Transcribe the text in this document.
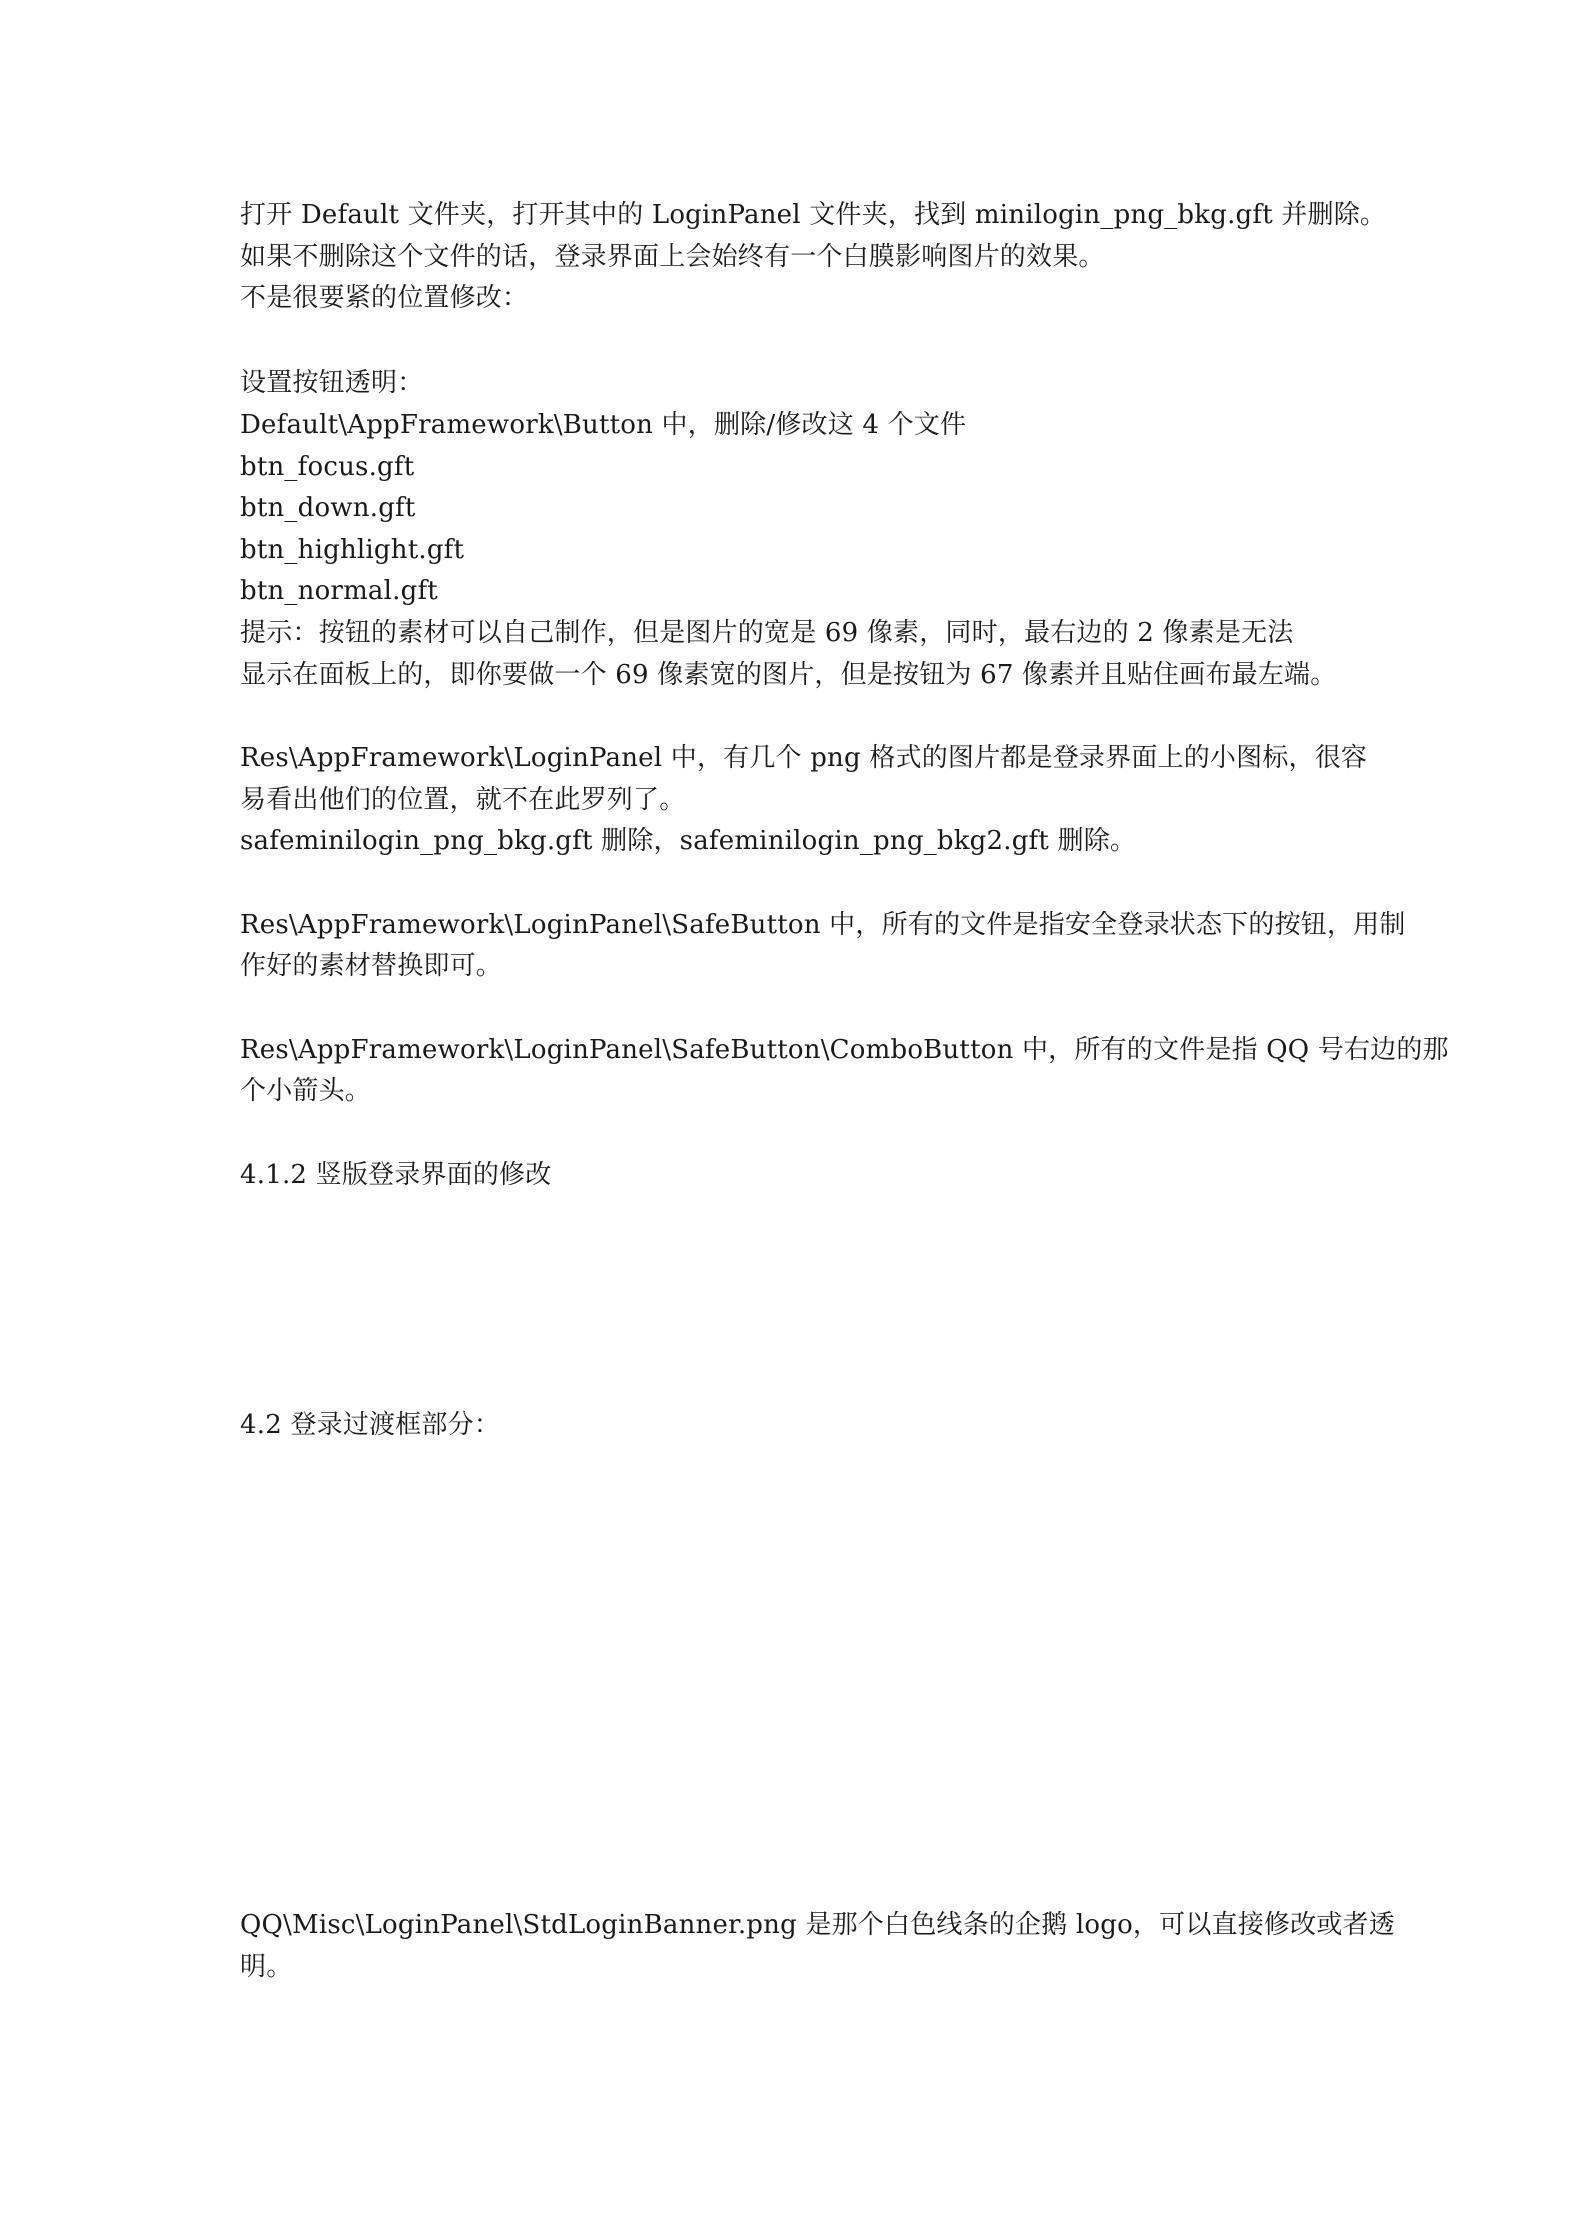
打开 Default 文件夹，打开其中的 LoginPanel 文件夹，找到 minilogin_png_bkg.gft 并删除。
如果不删除这个文件的话，登录界面上会始终有一个白膜影响图片的效果。
不是很要紧的位置修改：
设置按钮透明：
Default\AppFramework\Button 中，删除/修改这 4 个文件
btn_focus.gft
btn_down.gft
btn_highlight.gft
btn_normal.gft
提示：按钮的素材可以自己制作，但是图片的宽是 69 像素，同时，最右边的 2 像素是无法
显示在面板上的，即你要做一个 69 像素宽的图片，但是按钮为 67 像素并且贴住画布最左端。
Res\AppFramework\LoginPanel 中，有几个 png 格式的图片都是登录界面上的小图标，很容
易看出他们的位置，就不在此罗列了。
safeminilogin_png_bkg.gft 删除，safeminilogin_png_bkg2.gft 删除。
Res\AppFramework\LoginPanel\SafeButton 中，所有的文件是指安全登录状态下的按钮，用制
作好的素材替换即可。
Res\AppFramework\LoginPanel\SafeButton\ComboButton 中，所有的文件是指 QQ 号右边的那
个小箭头。
4.1.2 竖版登录界面的修改
4.2 登录过渡框部分：
QQ\Misc\LoginPanel\StdLoginBanner.png 是那个白色线条的企鹅 logo，可以直接修改或者透
明。
